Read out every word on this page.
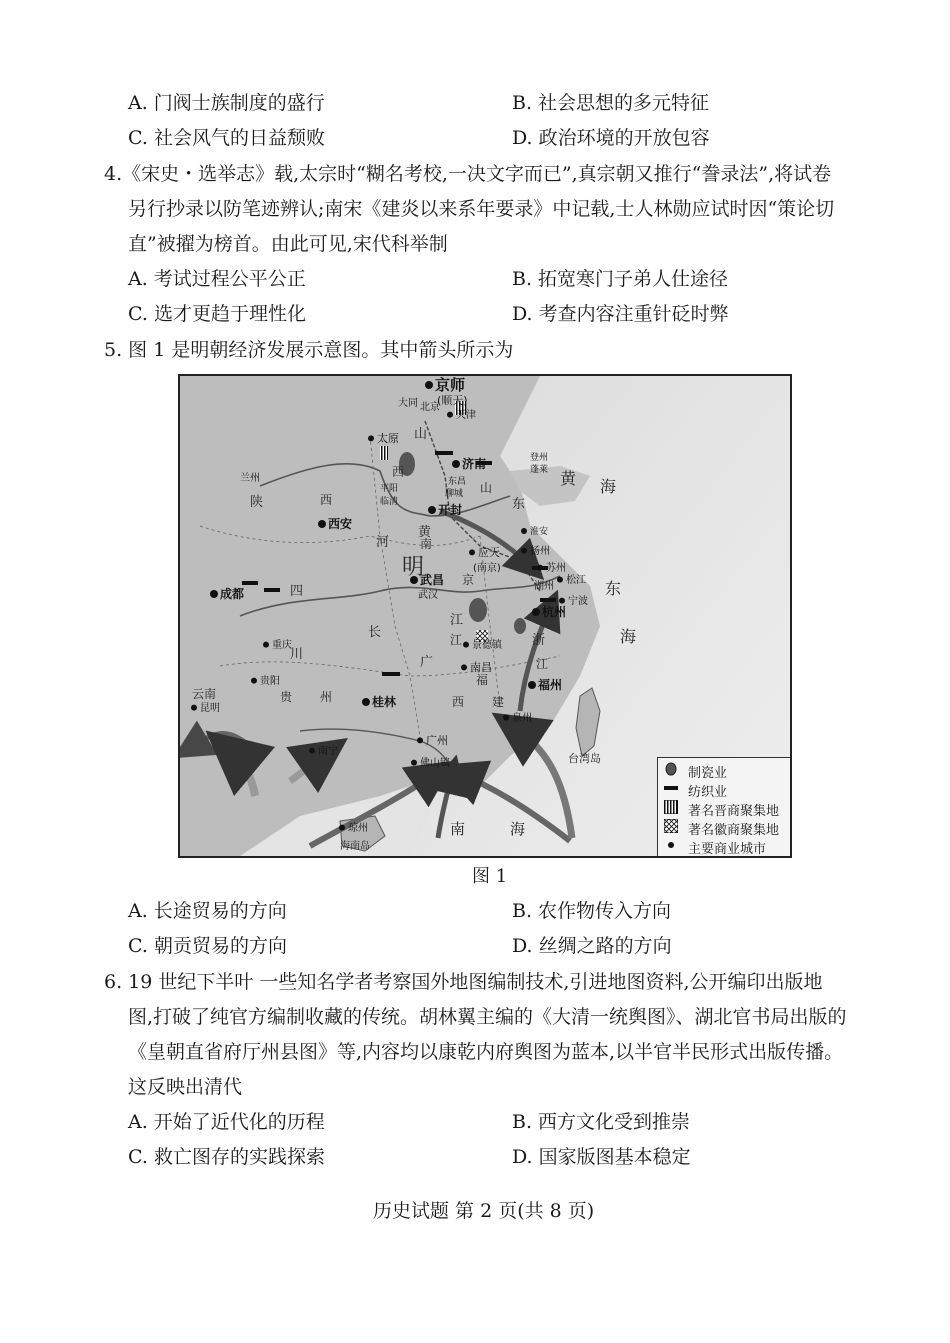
A. 门阀士族制度的盛行	B. 社会思想的多元特征
C. 社会风气的日益颓败	D. 政治环境的开放包容
4.《宋史・选举志》载,太宗时“糊名考校,一决文字而已”,真宗朝又推行“誊录法”,将试卷
另行抄录以防笔迹辨认;南宋《建炎以来系年要录》中记载,士人林勋应试时因“策论切
直”被擢为榜首。由此可见,宋代科举制
A. 考试过程公平公正	B. 拓宽寒门子弟人仕途径
C. 选才更趋于理性化	D. 考查内容注重针砭时弊
5. 图 1 是明朝经济发展示意图。其中箭头所示为
京师
(顺天)
北京
天津
大同
太原
济南	登州
蓬莱
兰州
平阳
临清
东昌
聊城
开封
西安
淮安
扬州
应天
(南京)	苏州
松江
宁波
湖州
杭州
成都
重庆
武昌
武汉
景德镇
南昌
福州
泉州
贵阳
昆明	桂林
南宁
广州
佛山镇
琼州
山
西
山
东
陕	西
河	南
黄
明	京
长
江
四
川
广
江	浙
江
福
建
贵 州
云南
西
东
海
黄 海
南	海
台湾岛
海南岛
制瓷业
纺织业
著名晋商聚集地
著名徽商聚集地
主要商业城市
图 1
A. 长途贸易的方向	B. 农作物传入方向
C. 朝贡贸易的方向	D. 丝绸之路的方向
6. 19 世纪下半叶 一些知名学者考察国外地图编制技术,引进地图资料,公开编印出版地
图,打破了纯官方编制收藏的传统。胡林翼主编的《大清一统舆图》、湖北官书局出版的
《皇朝直省府厅州县图》等,内容均以康乾内府舆图为蓝本,以半官半民形式出版传播。
这反映出清代
A. 开始了近代化的历程	B. 西方文化受到推崇
C. 救亡图存的实践探索	D. 国家版图基本稳定
历史试题 第 2 页(共 8 页)
